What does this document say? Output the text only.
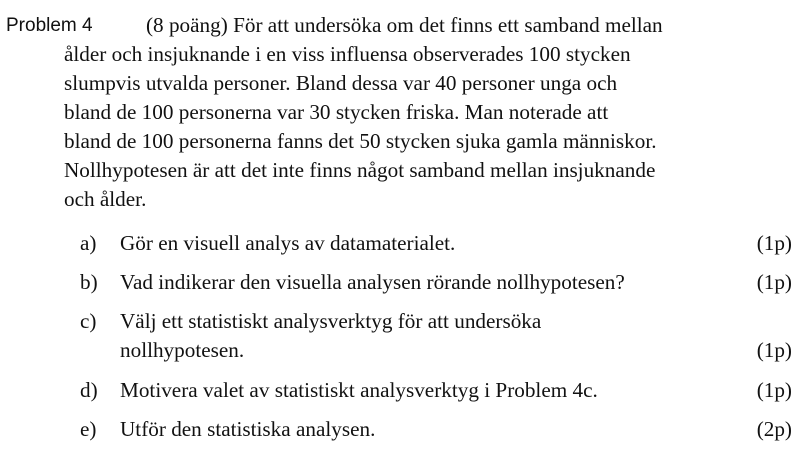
Problem 4	(8 poäng) För att undersöka om det finns ett samband mellan
ålder och insjuknande i en viss influensa observerades 100 stycken
slumpvis utvalda personer. Bland dessa var 40 personer unga och
bland de 100 personerna var 30 stycken friska. Man noterade att
bland de 100 personerna fanns det 50 stycken sjuka gamla människor.
Nollhypotesen är att det inte finns något samband mellan insjuknande
och ålder.

a) Gör en visuell analys av datamaterialet.	(1p)
b) Vad indikerar den visuella analysen rörande nollhypotesen?	(1p)
c) Välj ett statistiskt analysverktyg för att undersöka
nollhypotesen.	(1p)
d) Motivera valet av statistiskt analysverktyg i Problem 4c.	(1p)
e) Utför den statistiska analysen.	(2p)
